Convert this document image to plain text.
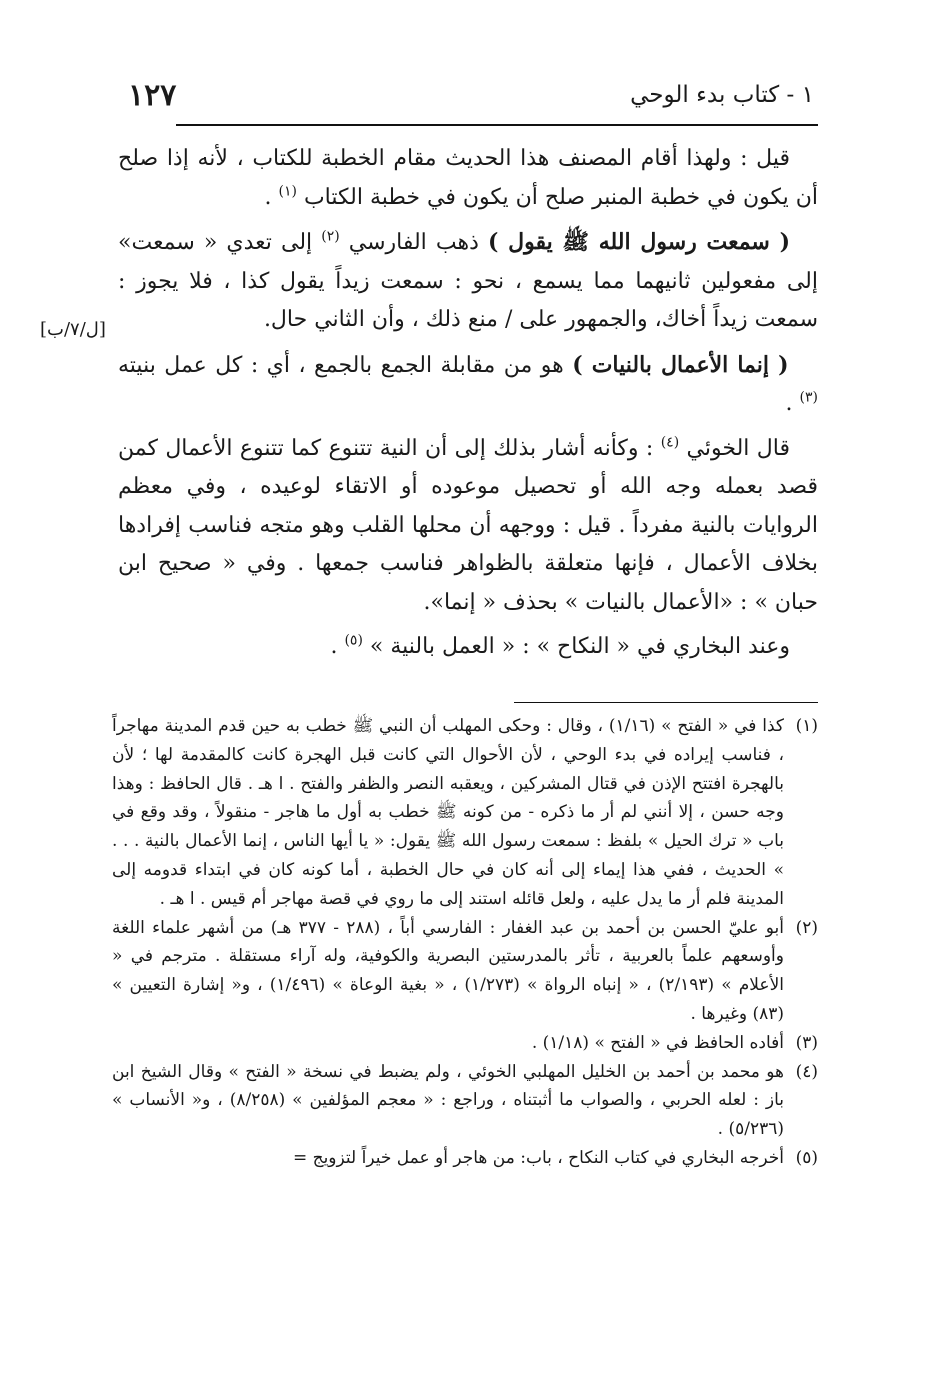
١٢٧	١ - كتاب بدء الوحي
[ل/٧/ب]

قيل : ولهذا أقام المصنف هذا الحديث مقام الخطبة للكتاب ، لأنه إذا صلح أن يكون في خطبة المنبر صلح أن يكون في خطبة الكتاب $^{(١)}$ .

( سمعت رسول الله ﷺ يقول ) ذهب الفارسي $^{(٢)}$ إلى تعدي « سمعت» إلى مفعولين ثانيهما مما يسمع ، نحو : سمعت زيداً يقول كذا ، فلا يجوز : سمعت زيداً أخاك، والجمهور على / منع ذلك ، وأن الثاني حال.

( إنما الأعمال بالنيات ) هو من مقابلة الجمع بالجمع ، أي : كل عمل بنيته $^{(٣)}$ .

قال الخوئي $^{(٤)}$ : وكأنه أشار بذلك إلى أن النية تتنوع كما تتنوع الأعمال كمن قصد بعمله وجه الله أو تحصيل موعوده أو الاتقاء لوعيده ، وفي معظم الروايات بالنية مفرداً . قيل : ووجهه أن محلها القلب وهو متجه فناسب إفرادها بخلاف الأعمال ، فإنها متعلقة بالظواهر فناسب جمعها . وفي « صحيح ابن حبان » : «الأعمال بالنيات » بحذف « إنما».

وعند البخاري في « النكاح » : « العمل بالنية » $^{(٥)}$ .

(١)
كذا في « الفتح » (١/١٦) ، وقال : وحكى المهلب أن النبي ﷺ خطب به حين قدم المدينة مهاجراً ، فناسب إيراده في بدء الوحي ، لأن الأحوال التي كانت قبل الهجرة كانت كالمقدمة لها ؛ لأن بالهجرة افتتح الإذن في قتال المشركين ، ويعقبه النصر والظفر والفتح . ا هـ . قال الحافظ : وهذا وجه حسن ، إلا أنني لم أر ما ذكره - من كونه ﷺ خطب به أول ما هاجر - منقولاً ، وقد وقع في باب « ترك الحيل » بلفظ : سمعت رسول الله ﷺ يقول: « يا أيها الناس ، إنما الأعمال بالنية . . . » الحديث ، ففي هذا إيماء إلى أنه كان في حال الخطبة ، أما كونه كان في ابتداء قدومه إلى المدينة فلم أر ما يدل عليه ، ولعل قائله استند إلى ما روي في قصة مهاجر أم قيس . ا هـ .

(٢)
أبو عليّ الحسن بن أحمد بن عبد الغفار : الفارسي أباً ، (٢٨٨ - ٣٧٧ هـ) من أشهر علماء اللغة وأوسعهم علماً بالعربية ، تأثر بالمدرستين البصرية والكوفية، وله آراء مستقلة . مترجم في « الأعلام » (٢/١٩٣) ، « إنباه الرواة » (١/٢٧٣) ، « بغية الوعاة » (١/٤٩٦) ، و« إشارة التعيين » (٨٣) وغيرها .

(٣)
أفاده الحافظ في « الفتح » (١/١٨) .

(٤)
هو محمد بن أحمد بن الخليل المهلبي الخوئي ، ولم يضبط في نسخة « الفتح » وقال الشيخ ابن باز : لعله الحربي ، والصواب ما أثبتناه ، وراجع : « معجم المؤلفين » (٨/٢٥٨) ، و« الأنساب » (٥/٢٣٦) .

(٥)
أخرجه البخاري في كتاب النكاح ، باب: من هاجر أو عمل خيراً لتزويج =
